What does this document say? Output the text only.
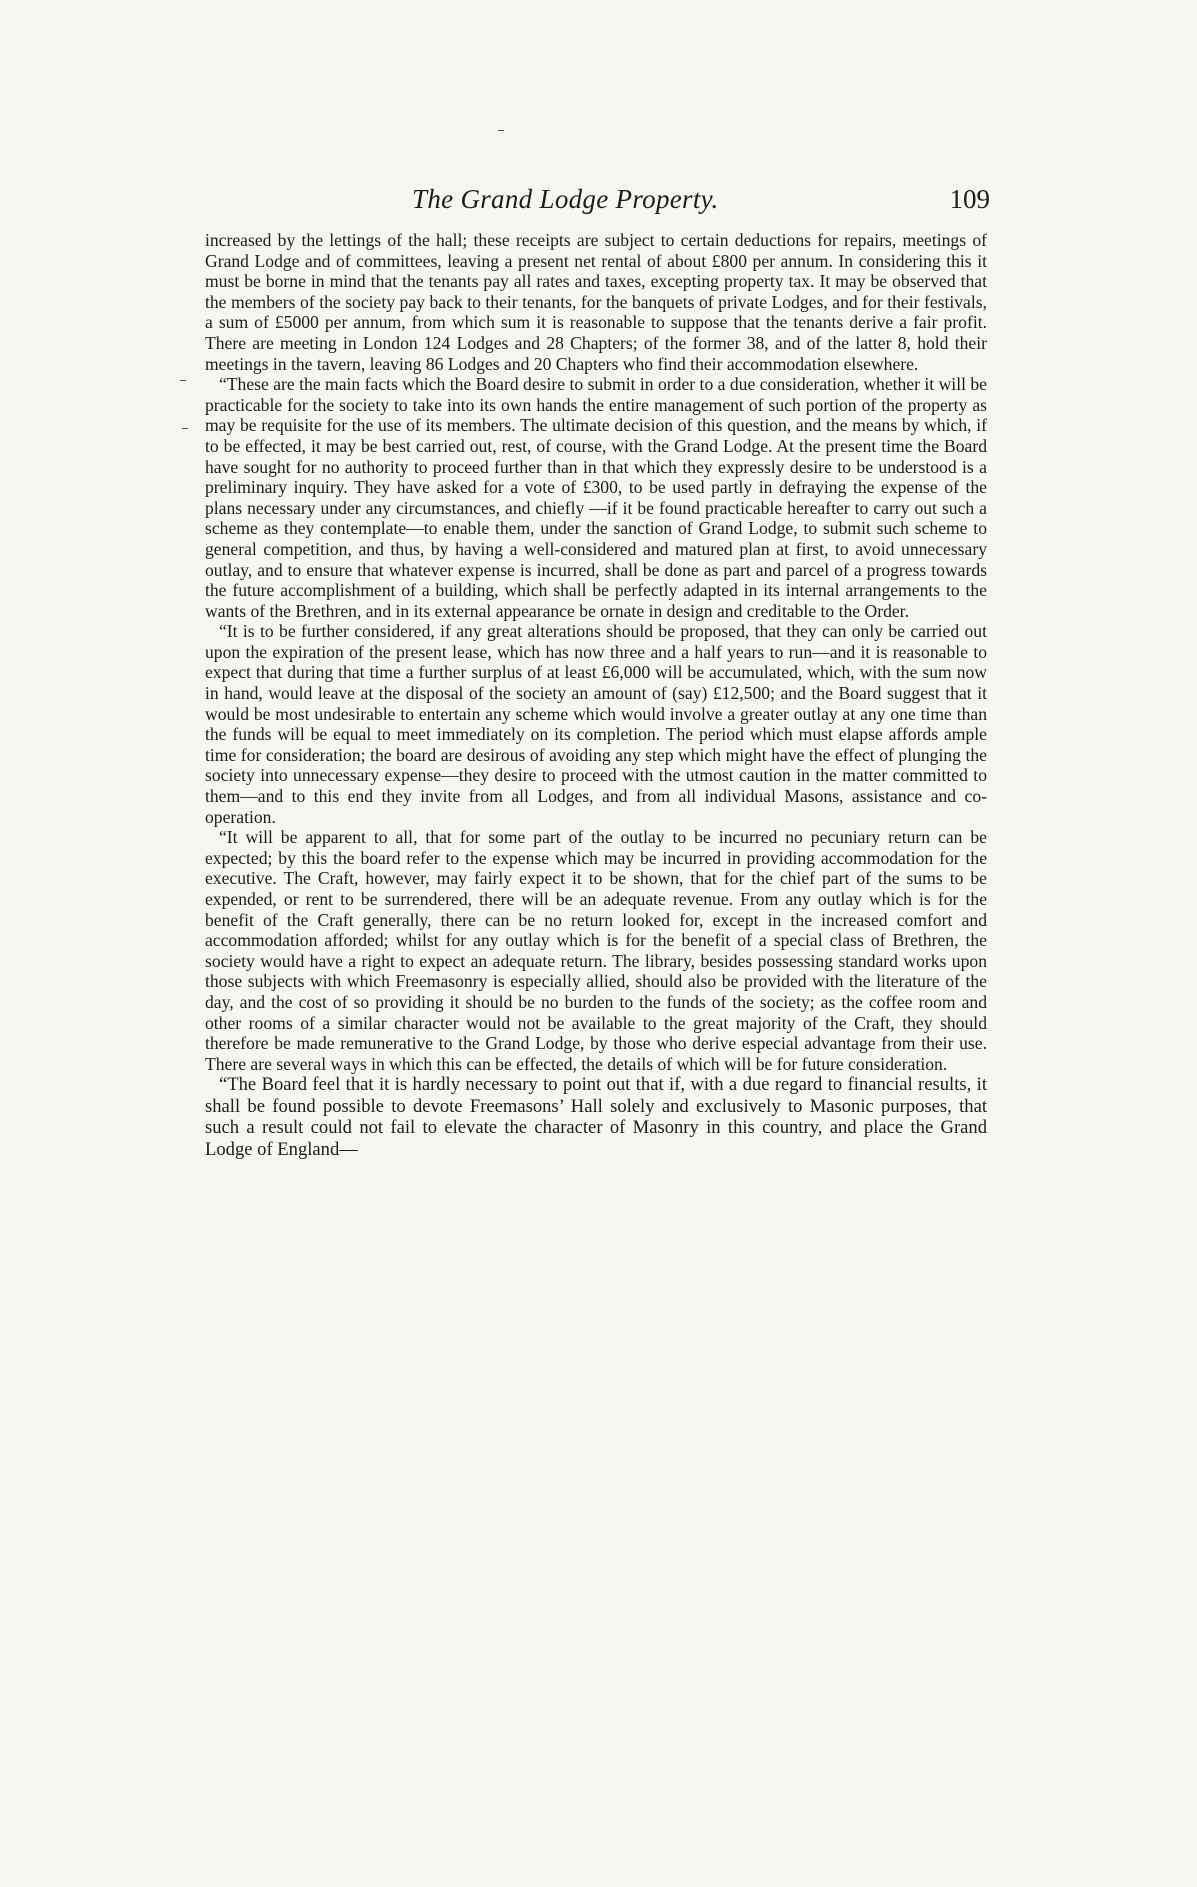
The Grand Lodge Property.	109

increased by the lettings of the hall; these receipts are subject to certain deductions for repairs, meetings of Grand Lodge and of committees, leaving a present net rental of about £800 per annum. In considering this it must be borne in mind that the tenants pay all rates and taxes, excepting property tax. It may be observed that the members of the society pay back to their tenants, for the banquets of private Lodges, and for their festivals, a sum of £5000 per annum, from which sum it is reasonable to suppose that the tenants derive a fair profit. There are meeting in London 124 Lodges and 28 Chapters; of the former 38, and of the latter 8, hold their meetings in the tavern, leaving 86 Lodges and 20 Chapters who find their accommodation elsewhere.

“These are the main facts which the Board desire to submit in order to a due consideration, whether it will be practicable for the society to take into its own hands the entire management of such portion of the property as may be requisite for the use of its members. The ultimate decision of this question, and the means by which, if to be effected, it may be best carried out, rest, of course, with the Grand Lodge. At the present time the Board have sought for no authority to proceed further than in that which they expressly desire to be understood is a preliminary inquiry. They have asked for a vote of £300, to be used partly in defraying the expense of the plans necessary under any circumstances, and chiefly —if it be found practicable hereafter to carry out such a scheme as they contemplate—to enable them, under the sanction of Grand Lodge, to submit such scheme to general competition, and thus, by having a well-considered and matured plan at first, to avoid unnecessary outlay, and to ensure that whatever expense is incurred, shall be done as part and parcel of a progress towards the future accomplishment of a building, which shall be perfectly adapted in its internal arrangements to the wants of the Brethren, and in its external appearance be ornate in design and creditable to the Order.

“It is to be further considered, if any great alterations should be proposed, that they can only be carried out upon the expiration of the present lease, which has now three and a half years to run—and it is reasonable to expect that during that time a further surplus of at least £6,000 will be accumulated, which, with the sum now in hand, would leave at the disposal of the society an amount of (say) £12,500; and the Board suggest that it would be most undesirable to entertain any scheme which would involve a greater outlay at any one time than the funds will be equal to meet immediately on its completion. The period which must elapse affords ample time for consideration; the board are desirous of avoiding any step which might have the effect of plunging the society into unnecessary expense—they desire to proceed with the utmost caution in the matter committed to them—and to this end they invite from all Lodges, and from all individual Masons, assistance and co-operation.

“It will be apparent to all, that for some part of the outlay to be incurred no pecuniary return can be expected; by this the board refer to the expense which may be incurred in providing accommodation for the executive. The Craft, however, may fairly expect it to be shown, that for the chief part of the sums to be expended, or rent to be surrendered, there will be an adequate revenue. From any outlay which is for the benefit of the Craft generally, there can be no return looked for, except in the increased comfort and accommodation afforded; whilst for any outlay which is for the benefit of a special class of Brethren, the society would have a right to expect an adequate return. The library, besides possessing standard works upon those subjects with which Freemasonry is especially allied, should also be provided with the literature of the day, and the cost of so providing it should be no burden to the funds of the society; as the coffee room and other rooms of a similar character would not be available to the great majority of the Craft, they should therefore be made remunerative to the Grand Lodge, by those who derive especial advantage from their use. There are several ways in which this can be effected, the details of which will be for future consideration.

“The Board feel that it is hardly necessary to point out that if, with a due regard to financial results, it shall be found possible to devote Freemasons’ Hall solely and exclusively to Masonic purposes, that such a result could not fail to elevate the character of Masonry in this country, and place the Grand Lodge of England—
